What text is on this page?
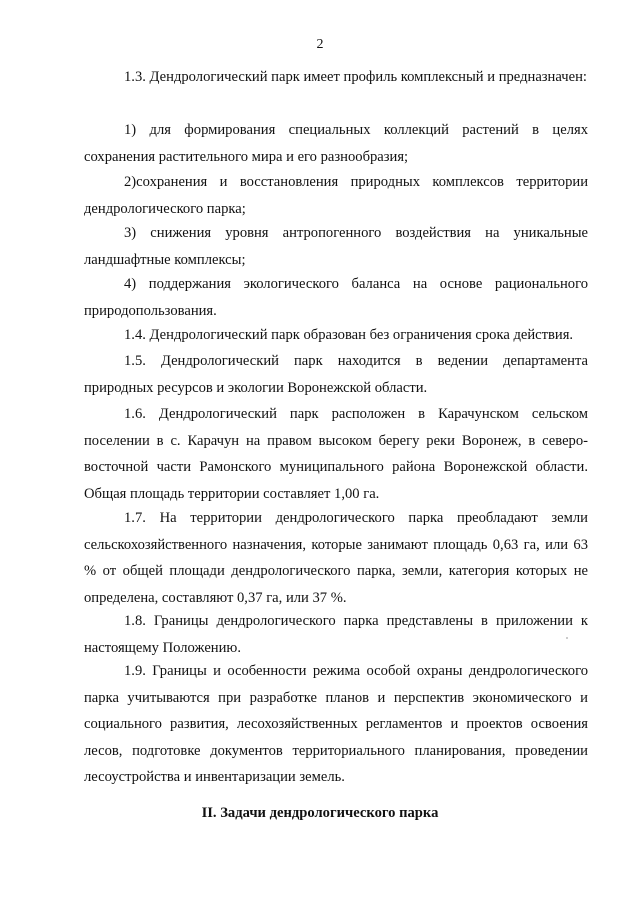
2

1.3. Дендрологический парк имеет профиль комплексный и предназначен:

1) для формирования специальных коллекций растений в целях сохранения растительного мира и его разнообразия;

2)сохранения и восстановления природных комплексов территории дендрологического парка;

3) снижения уровня антропогенного воздействия на уникальные ландшафтные комплексы;

4) поддержания экологического баланса на основе рационального природопользования.

1.4. Дендрологический парк образован без ограничения срока действия.

1.5. Дендрологический парк находится в ведении департамента природных ресурсов и экологии Воронежской области.

1.6. Дендрологический парк расположен в Карачунском сельском поселении в с. Карачун на правом высоком берегу реки Воронеж, в северо-восточной части Рамонского муниципального района Воронежской области. Общая площадь территории составляет 1,00 га.

1.7. На территории дендрологического парка преобладают земли сельскохозяйственного назначения, которые занимают площадь 0,63 га, или 63 % от общей площади дендрологического парка, земли, категория которых не определена, составляют 0,37 га, или 37 %.

1.8. Границы дендрологического парка представлены в приложении к настоящему Положению.

1.9. Границы и особенности режима особой охраны дендрологического парка учитываются при разработке планов и перспектив экономического и социального развития, лесохозяйственных регламентов и проектов освоения лесов, подготовке документов территориального планирования, проведении лесоустройства и инвентаризации земель.

II. Задачи дендрологического парка
